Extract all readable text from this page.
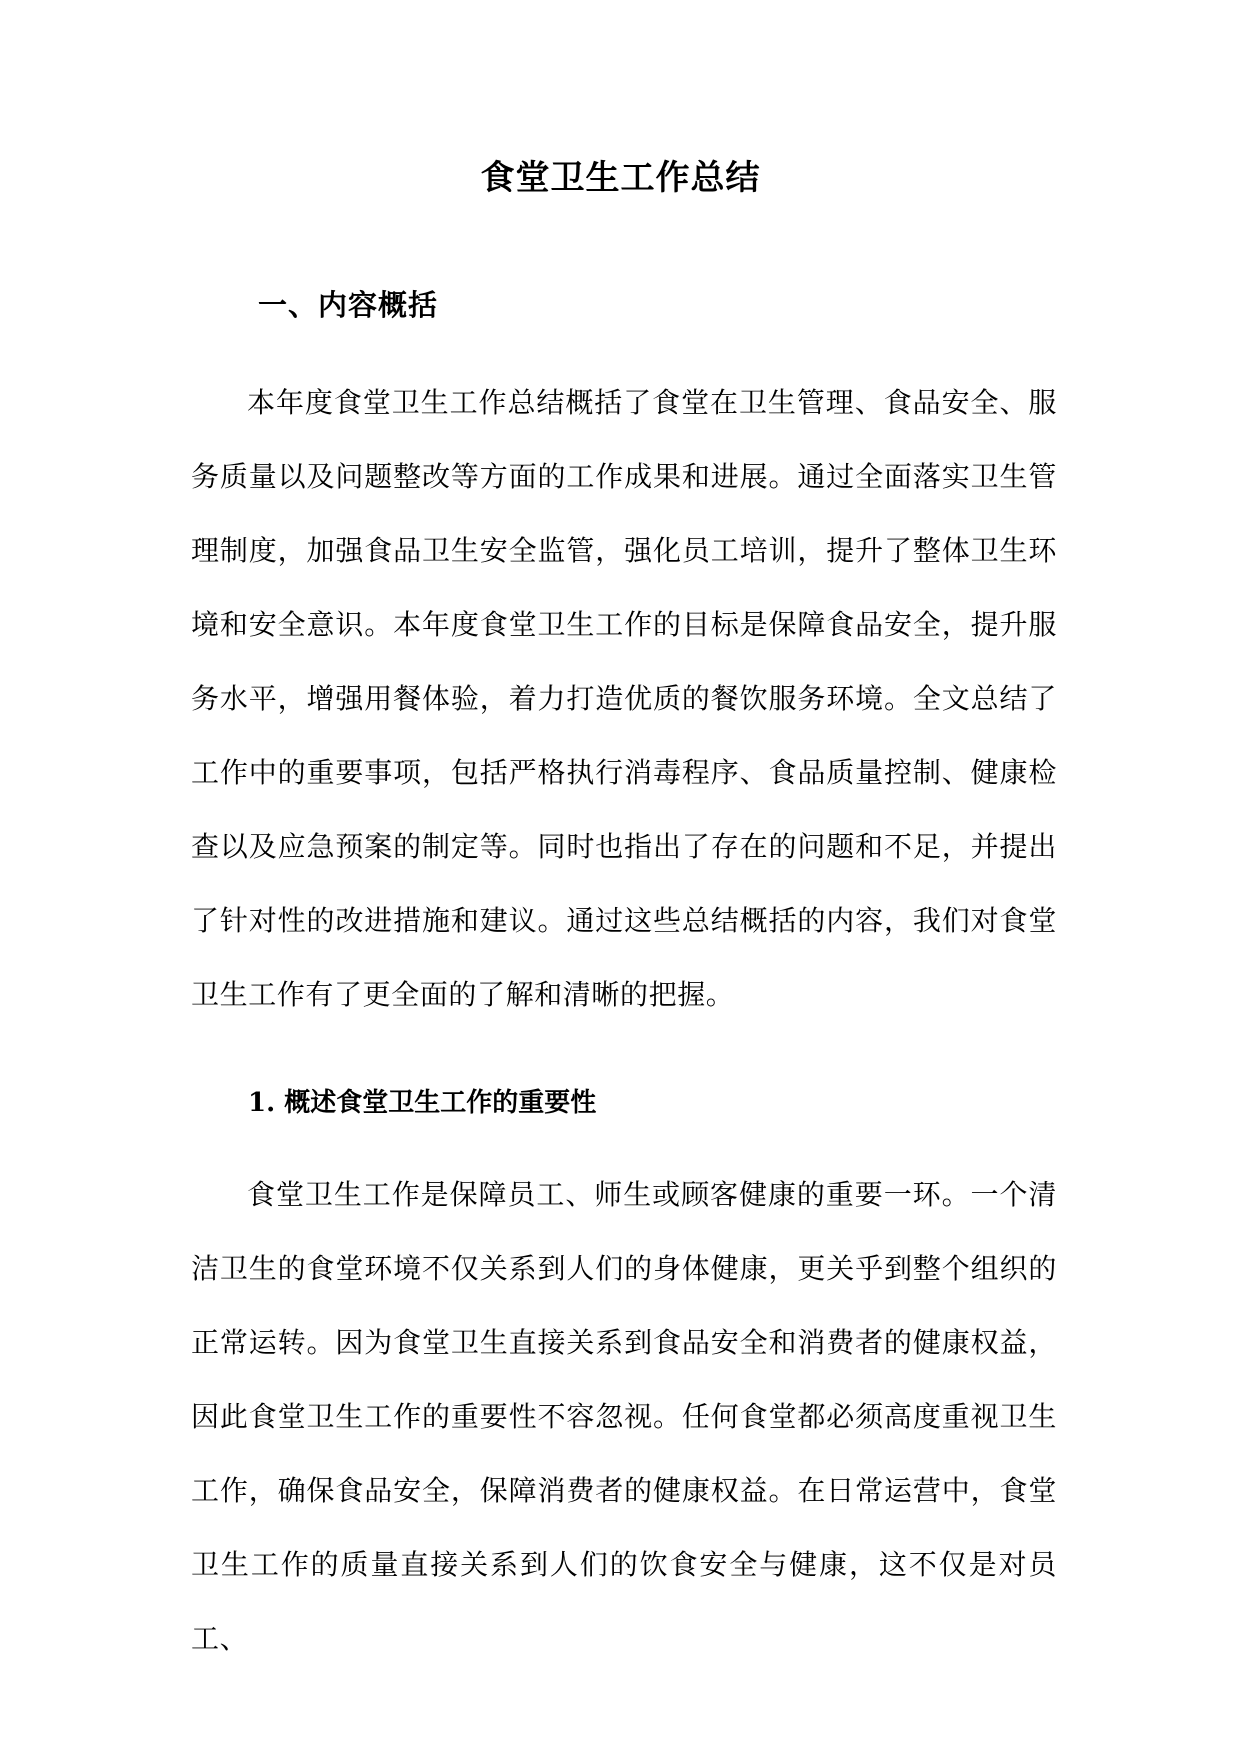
食堂卫生工作总结
一、内容概括

本年度食堂卫生工作总结概括了食堂在卫生管理、食品安全、服务质量以及问题整改等方面的工作成果和进展。通过全面落实卫生管理制度，加强食品卫生安全监管，强化员工培训，提升了整体卫生环境和安全意识。本年度食堂卫生工作的目标是保障食品安全，提升服务水平，增强用餐体验，着力打造优质的餐饮服务环境。全文总结了工作中的重要事项，包括严格执行消毒程序、食品质量控制、健康检查以及应急预案的制定等。同时也指出了存在的问题和不足，并提出了针对性的改进措施和建议。通过这些总结概括的内容，我们对食堂卫生工作有了更全面的了解和清晰的把握。

1. 概述食堂卫生工作的重要性

食堂卫生工作是保障员工、师生或顾客健康的重要一环。一个清洁卫生的食堂环境不仅关系到人们的身体健康，更关乎到整个组织的正常运转。因为食堂卫生直接关系到食品安全和消费者的健康权益，因此食堂卫生工作的重要性不容忽视。任何食堂都必须高度重视卫生工作，确保食品安全，保障消费者的健康权益。在日常运营中，食堂卫生工作的质量直接关系到人们的饮食安全与健康，这不仅是对员工、
